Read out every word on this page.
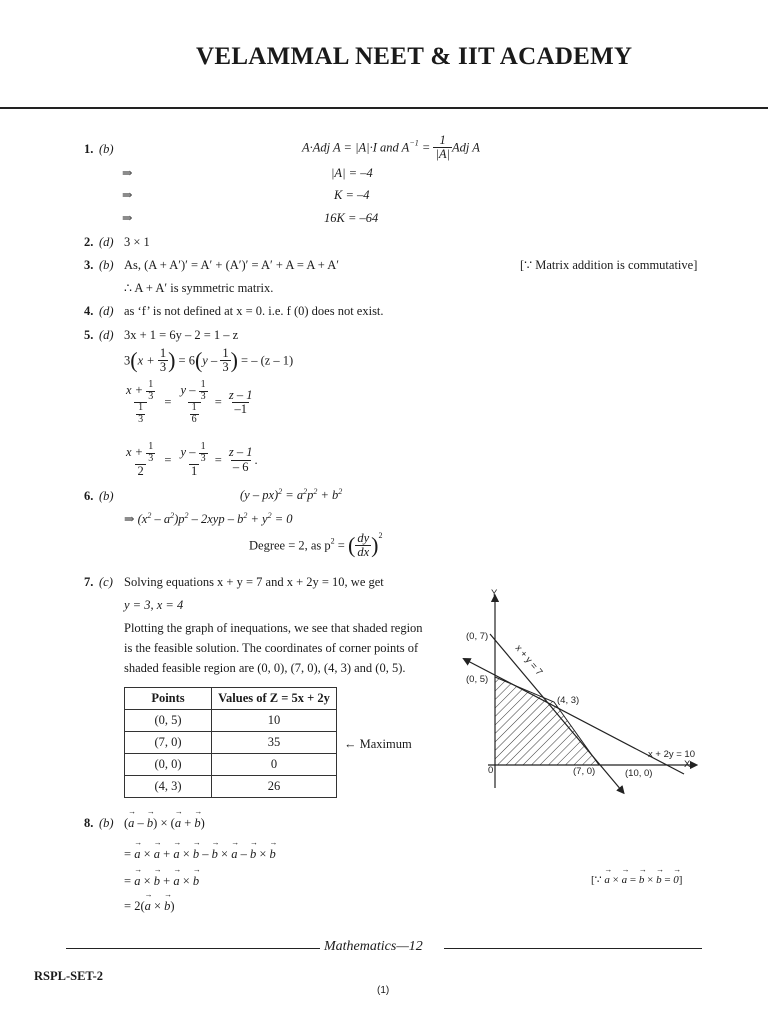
VELAMMAL NEET & IIT ACADEMY
1. (b)	A·Adj A = |A|·I and $A^{-1} = \frac{1}{|A|}$ Adj A
⇒	|A| = –4
⇒	K = –4
⇒	16K = –64
2. (d) 3 × 1
3. (b) As, (A + A′)′ = A′ + (A′)′ = A′ + A = A + A′	[∵ Matrix addition is commutative]
∴ A + A′ is symmetric matrix.
4. (d) as ‘f’ is not defined at x = 0. i.e. f (0) does not exist.
5. (d) 3x + 1 = 6y – 2 = 1 – z
$3(x + \frac{1}{3}$ ) = $6(y - \frac{1}{3}$ ) = – (z – 1)
$\frac{x + \frac{1}{3}}{\frac{1}{3}} = \frac{y - \frac{1}{3}}{\frac{1}{6}} = \frac{z - 1}{-1}$
$\frac{x + \frac{1}{3}}{2} = \frac{y - \frac{1}{3}}{1} = \frac{z - 1}{- 6}$ .
6. (b)	$(y - px)^2 = a^2p^2 + b^2$
⇒ $(x^2 - a^2)p^2 - 2xyp - b^2 + y^2 = 0$
Degree = 2, as $p^2$ = ( $\frac{dy}{dx} )^2$
7. (c) Solving equations x + y = 7 and x + 2y = 10, we get
y = 3, x = 4
Plotting the graph of inequations, we see that shaded region
is the feasible solution. The coordinates of corner points of
shaded feasible region are (0, 0), (7, 0), (4, 3) and (0, 5).
Points	Values of Z = 5x + 2y
(0, 5)	10
(7, 0)	35
(0, 0)	0
(4, 3)	26
← Maximum
Y
X
0
(0, 7)
(0, 5)
(4, 3)
(7, 0)	(10, 0)
x + y = 7
x + 2y = 10
8. (b) (→ a – → b) × (→ a + → b)
= → a × → a + → a × → b – → b × → a – → b × → b
= → a × → b + → a × → b	[∵ → a × → a = → b × → b = → 0]
= 2(→ a × → b)
Mathematics—12
RSPL-SET-2
(1)
